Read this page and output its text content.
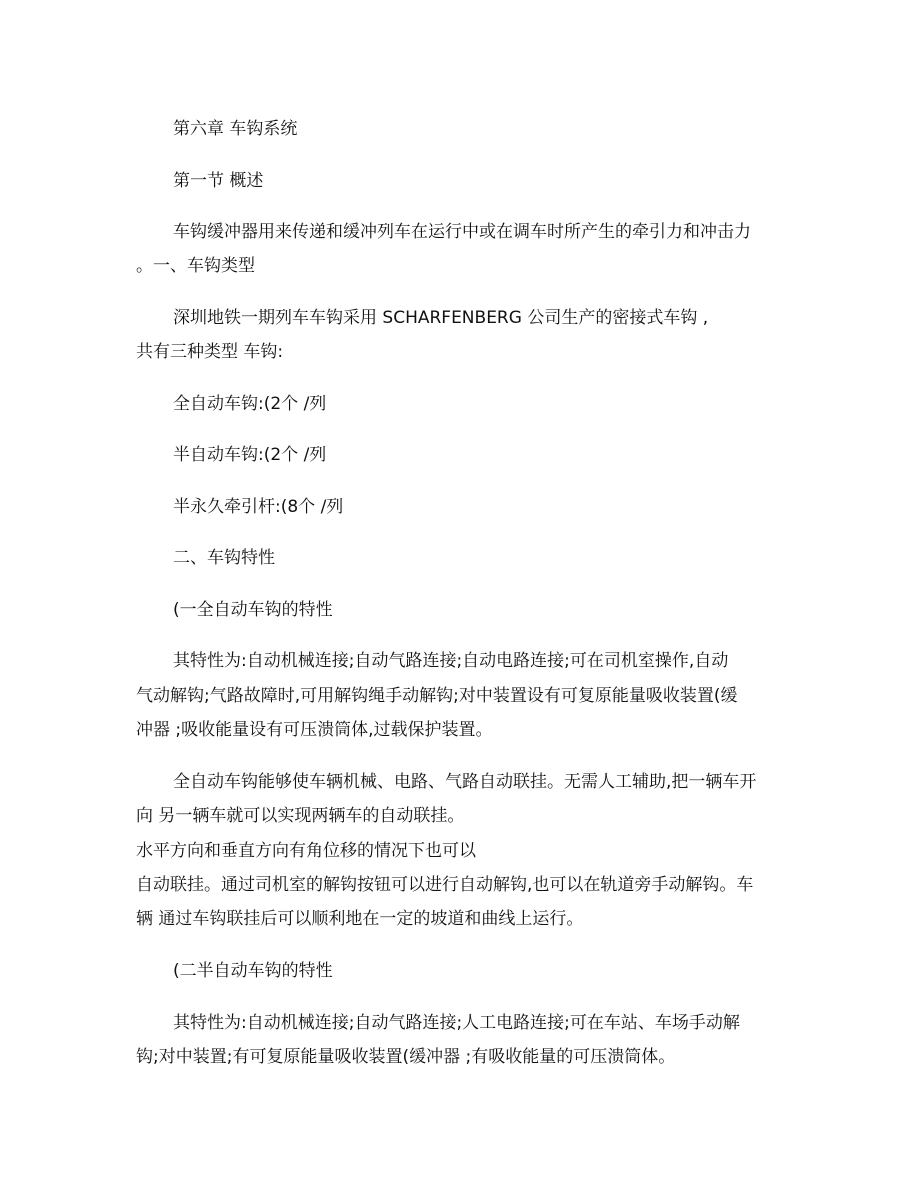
第六章 车钩系统

第一节 概述

车钩缓冲器用来传递和缓冲列车在运行中或在调车时所产生的牵引力和冲击力

。一、车钩类型

深圳地铁一期列车车钩采用 SCHARFENBERG 公司生产的密接式车钩 ,

共有三种类型 车钩:

全自动车钩:(2个 /列

半自动车钩:(2个 /列

半永久牵引杆:(8个 /列

二、车钩特性

(一全自动车钩的特性

其特性为:自动机械连接;自动气路连接;自动电路连接;可在司机室操作,自动

气动解钩;气路故障时,可用解钩绳手动解钩;对中装置设有可复原能量吸收装置(缓

冲器 ;吸收能量设有可压溃筒体,过载保护装置。

全自动车钩能够使车辆机械、电路、气路自动联挂。无需人工辅助,把一辆车开

向 另一辆车就可以实现两辆车的自动联挂。

水平方向和垂直方向有角位移的情况下也可以

自动联挂。通过司机室的解钩按钮可以进行自动解钩,也可以在轨道旁手动解钩。车

辆 通过车钩联挂后可以顺利地在一定的坡道和曲线上运行。

(二半自动车钩的特性

其特性为:自动机械连接;自动气路连接;人工电路连接;可在车站、车场手动解

钩;对中装置;有可复原能量吸收装置(缓冲器 ;有吸收能量的可压溃筒体。
